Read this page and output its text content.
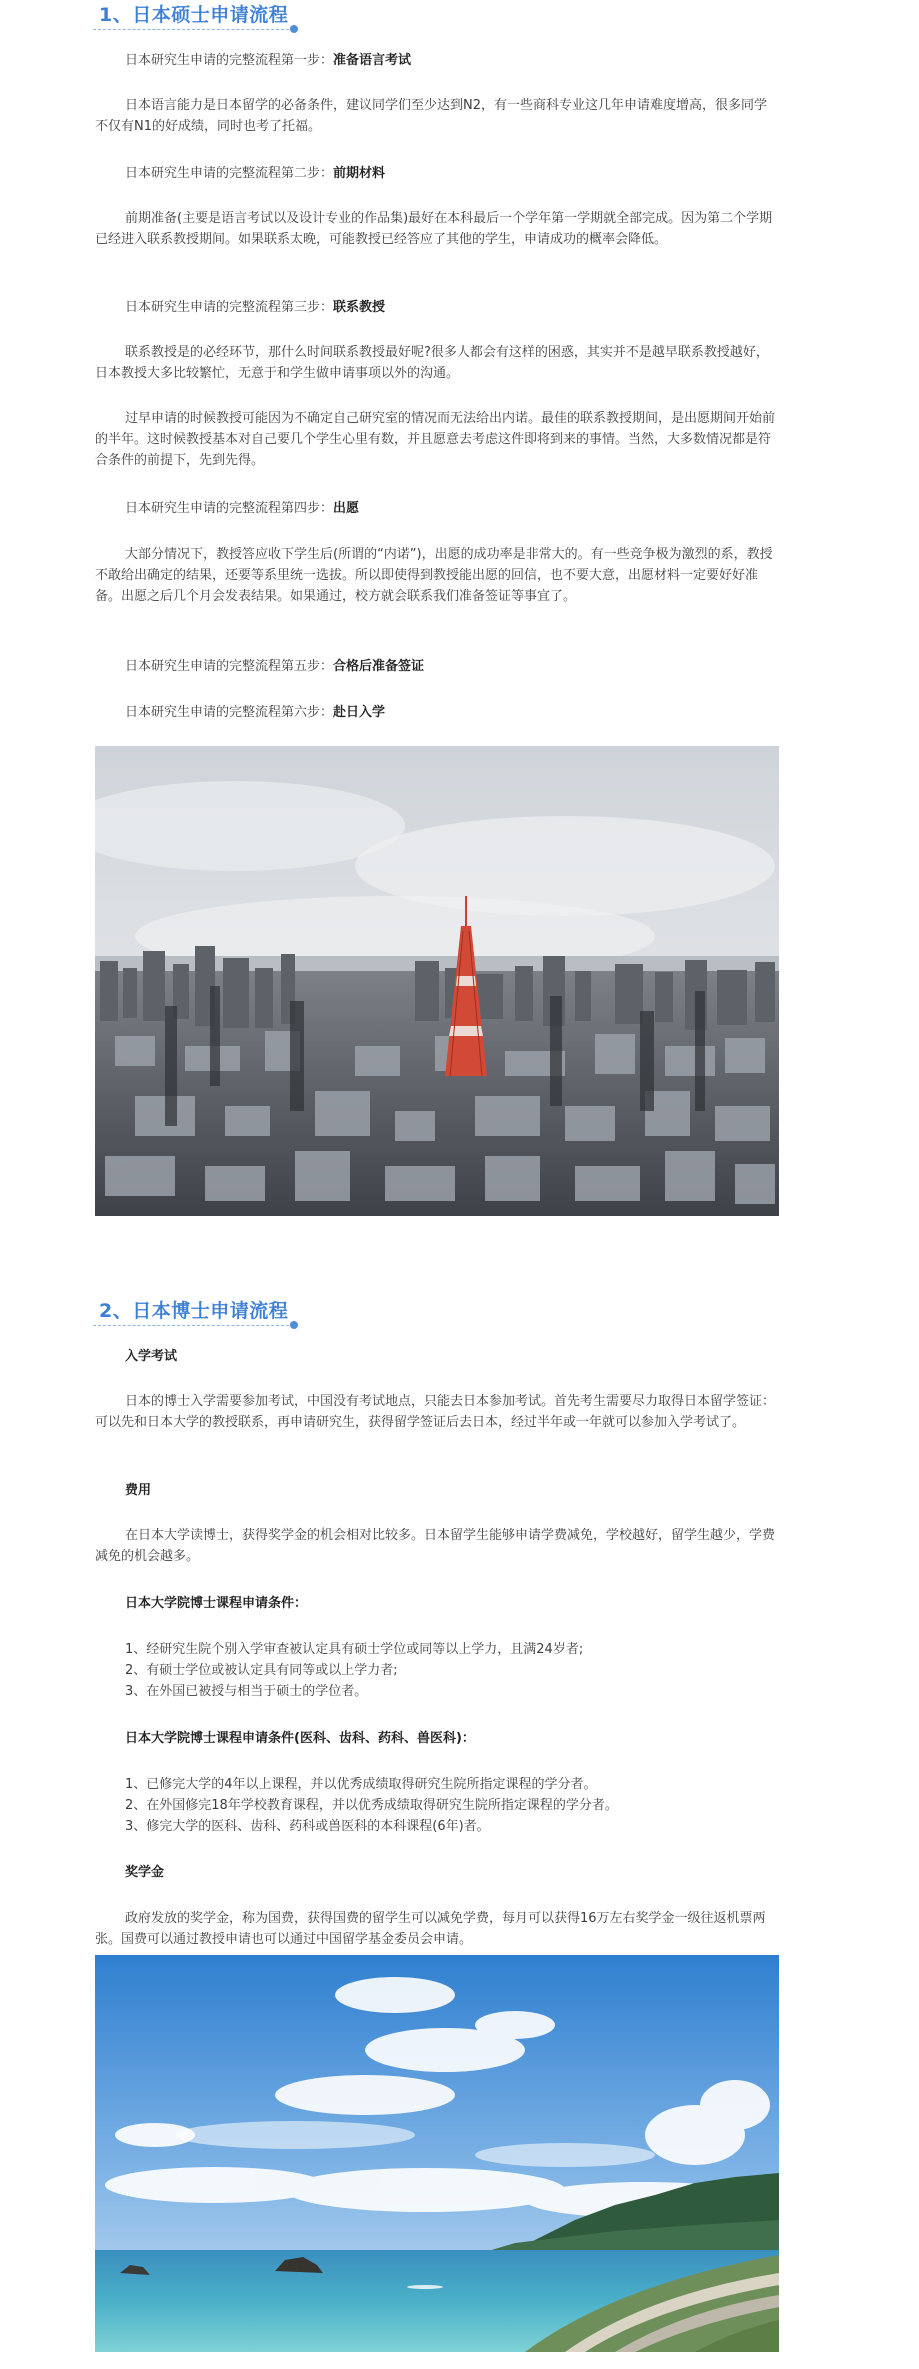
1、日本硕士申请流程
日本研究生申请的完整流程第一步：准备语言考试
日本语言能力是日本留学的必备条件，建议同学们至少达到N2，有一些商科专业这几年申请难度增高，很多同学不仅有N1的好成绩，同时也考了托福。
日本研究生申请的完整流程第二步：前期材料
前期准备(主要是语言考试以及设计专业的作品集)最好在本科最后一个学年第一学期就全部完成。因为第二个学期已经进入联系教授期间。如果联系太晚，可能教授已经答应了其他的学生，申请成功的概率会降低。
日本研究生申请的完整流程第三步：联系教授
联系教授是的必经环节，那什么时间联系教授最好呢?很多人都会有这样的困惑，其实并不是越早联系教授越好，日本教授大多比较繁忙，无意于和学生做申请事项以外的沟通。
过早申请的时候教授可能因为不确定自己研究室的情况而无法给出内诺。最佳的联系教授期间，是出愿期间开始前的半年。这时候教授基本对自己要几个学生心里有数，并且愿意去考虑这件即将到来的事情。当然，大多数情况都是符合条件的前提下，先到先得。
日本研究生申请的完整流程第四步：出愿
大部分情况下，教授答应收下学生后(所谓的“内诺”)，出愿的成功率是非常大的。有一些竞争极为激烈的系，教授不敢给出确定的结果，还要等系里统一选拔。所以即使得到教授能出愿的回信，也不要大意，出愿材料一定要好好准备。出愿之后几个月会发表结果。如果通过，校方就会联系我们准备签证等事宜了。
日本研究生申请的完整流程第五步：合格后准备签证
日本研究生申请的完整流程第六步：赴日入学
2、日本博士申请流程
入学考试
日本的博士入学需要参加考试，中国没有考试地点，只能去日本参加考试。首先考生需要尽力取得日本留学签证：可以先和日本大学的教授联系，再申请研究生，获得留学签证后去日本，经过半年或一年就可以参加入学考试了。
费用
在日本大学读博士，获得奖学金的机会相对比较多。日本留学生能够申请学费减免，学校越好，留学生越少，学费减免的机会越多。
日本大学院博士课程申请条件：
1、经研究生院个别入学审查被认定具有硕士学位或同等以上学力，且满24岁者;
2、有硕士学位或被认定具有同等或以上学力者;
3、在外国已被授与相当于硕士的学位者。
日本大学院博士课程申请条件(医科、齿科、药科、兽医科)：
1、已修完大学的4年以上课程，并以优秀成绩取得研究生院所指定课程的学分者。
2、在外国修完18年学校教育课程，并以优秀成绩取得研究生院所指定课程的学分者。
3、修完大学的医科、齿科、药科或兽医科的本科课程(6年)者。
奖学金
政府发放的奖学金，称为国费，获得国费的留学生可以减免学费，每月可以获得16万左右奖学金一级往返机票两张。国费可以通过教授申请也可以通过中国留学基金委员会申请。
